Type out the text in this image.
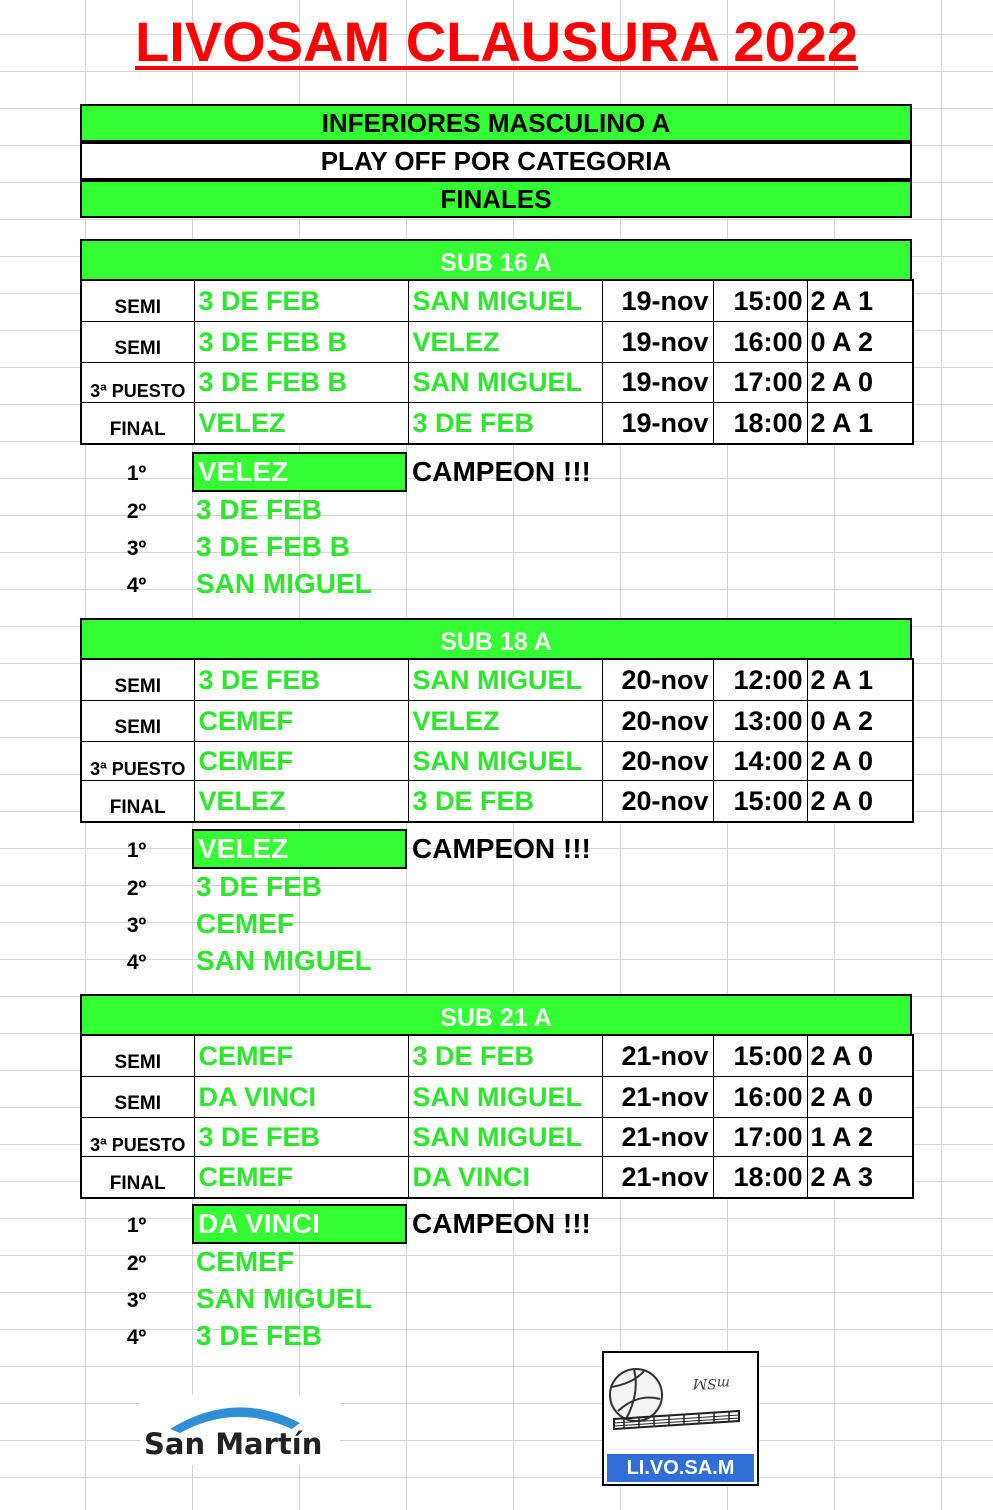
LIVOSAM CLAUSURA 2022
INFERIORES MASCULINO A
PLAY OFF POR CATEGORIA
FINALES
SUB 16 A
SEMI	3 DE FEB	SAN MIGUEL	19-nov	15:00	2 A 1
SEMI	3 DE FEB B	VELEZ	19-nov	16:00	0 A 2
3ª PUESTO	3 DE FEB B	SAN MIGUEL	19-nov	17:00	2 A 0
FINAL	VELEZ	3 DE FEB	19-nov	18:00	2 A 1
1º	VELEZ	CAMPEON !!!
2º	3 DE FEB
3º	3 DE FEB B
4º	SAN MIGUEL
SUB 18 A
SEMI	3 DE FEB	SAN MIGUEL	20-nov	12:00	2 A 1
SEMI	CEMEF	VELEZ	20-nov	13:00	0 A 2
3ª PUESTO	CEMEF	SAN MIGUEL	20-nov	14:00	2 A 0
FINAL	VELEZ	3 DE FEB	20-nov	15:00	2 A 0
1º	VELEZ	CAMPEON !!!
2º	3 DE FEB
3º	CEMEF
4º	SAN MIGUEL
SUB 21 A
SEMI	CEMEF	3 DE FEB	21-nov	15:00	2 A 0
SEMI	DA VINCI	SAN MIGUEL	21-nov	16:00	2 A 0
3ª PUESTO	3 DE FEB	SAN MIGUEL	21-nov	17:00	1 A 2
FINAL	CEMEF	DA VINCI	21-nov	18:00	2 A 3
1º	DA VINCI	CAMPEON !!!
2º	CEMEF
3º	SAN MIGUEL
4º	3 DE FEB
San Martín
mSM
LI.VO.SA.M
